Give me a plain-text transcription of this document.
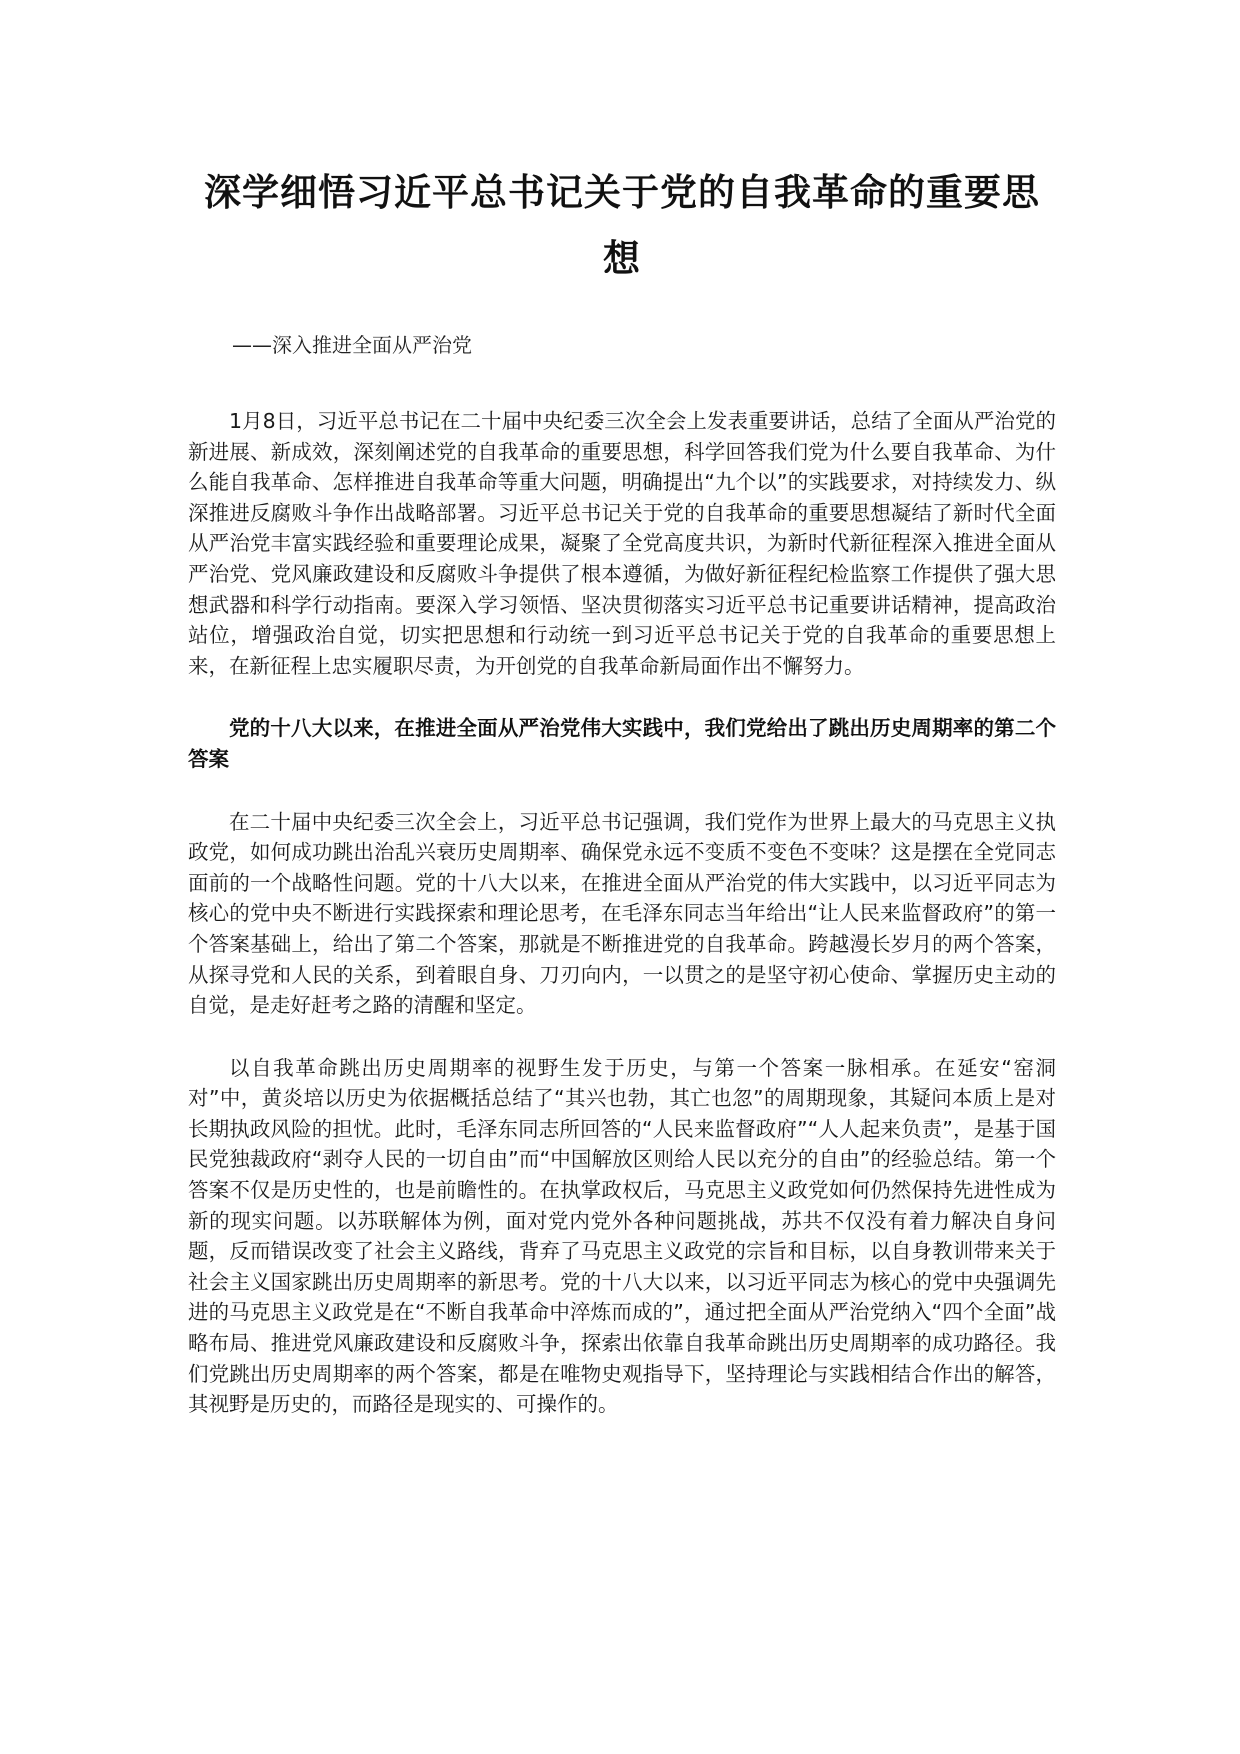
深学细悟习近平总书记关于党的自我革命的重要思想

——深入推进全面从严治党

1月8日，习近平总书记在二十届中央纪委三次全会上发表重要讲话，总结了全面从严治党的新进展、新成效，深刻阐述党的自我革命的重要思想，科学回答我们党为什么要自我革命、为什么能自我革命、怎样推进自我革命等重大问题，明确提出“九个以”的实践要求，对持续发力、纵深推进反腐败斗争作出战略部署。习近平总书记关于党的自我革命的重要思想凝结了新时代全面从严治党丰富实践经验和重要理论成果，凝聚了全党高度共识，为新时代新征程深入推进全面从严治党、党风廉政建设和反腐败斗争提供了根本遵循，为做好新征程纪检监察工作提供了强大思想武器和科学行动指南。要深入学习领悟、坚决贯彻落实习近平总书记重要讲话精神，提高政治站位，增强政治自觉，切实把思想和行动统一到习近平总书记关于党的自我革命的重要思想上来，在新征程上忠实履职尽责，为开创党的自我革命新局面作出不懈努力。

党的十八大以来，在推进全面从严治党伟大实践中，我们党给出了跳出历史周期率的第二个答案

在二十届中央纪委三次全会上，习近平总书记强调，我们党作为世界上最大的马克思主义执政党，如何成功跳出治乱兴衰历史周期率、确保党永远不变质不变色不变味？这是摆在全党同志面前的一个战略性问题。党的十八大以来，在推进全面从严治党的伟大实践中，以习近平同志为核心的党中央不断进行实践探索和理论思考，在毛泽东同志当年给出“让人民来监督政府”的第一个答案基础上，给出了第二个答案，那就是不断推进党的自我革命。跨越漫长岁月的两个答案，从探寻党和人民的关系，到着眼自身、刀刃向内，一以贯之的是坚守初心使命、掌握历史主动的自觉，是走好赶考之路的清醒和坚定。

以自我革命跳出历史周期率的视野生发于历史，与第一个答案一脉相承。在延安“窑洞对”中，黄炎培以历史为依据概括总结了“其兴也勃，其亡也忽”的周期现象，其疑问本质上是对长期执政风险的担忧。此时，毛泽东同志所回答的“人民来监督政府”“人人起来负责”，是基于国民党独裁政府“剥夺人民的一切自由”而“中国解放区则给人民以充分的自由”的经验总结。第一个答案不仅是历史性的，也是前瞻性的。在执掌政权后，马克思主义政党如何仍然保持先进性成为新的现实问题。以苏联解体为例，面对党内党外各种问题挑战，苏共不仅没有着力解决自身问题，反而错误改变了社会主义路线，背弃了马克思主义政党的宗旨和目标，以自身教训带来关于社会主义国家跳出历史周期率的新思考。党的十八大以来，以习近平同志为核心的党中央强调先进的马克思主义政党是在“不断自我革命中淬炼而成的”，通过把全面从严治党纳入“四个全面”战略布局、推进党风廉政建设和反腐败斗争，探索出依靠自我革命跳出历史周期率的成功路径。我们党跳出历史周期率的两个答案，都是在唯物史观指导下，坚持理论与实践相结合作出的解答，其视野是历史的，而路径是现实的、可操作的。
